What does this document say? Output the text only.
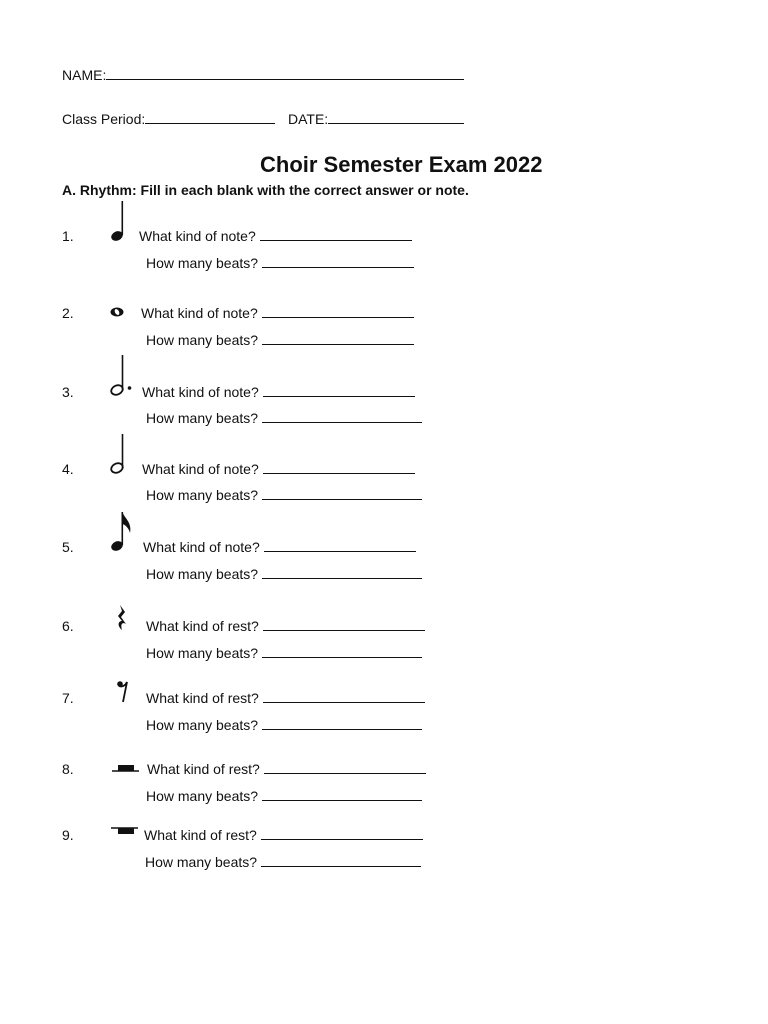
NAME:
Class Period:	DATE:
Choir Semester Exam 2022
A. Rhythm: Fill in each blank with the correct answer or note.
1.	What kind of note?
How many beats?
2.	What kind of note?
How many beats?
3.	What kind of note?
How many beats?
4.	What kind of note?
How many beats?
5.	What kind of note?
How many beats?
6.	What kind of rest?
How many beats?
7.	What kind of rest?
How many beats?
8.	What kind of rest?
How many beats?
9.	What kind of rest?
How many beats?
